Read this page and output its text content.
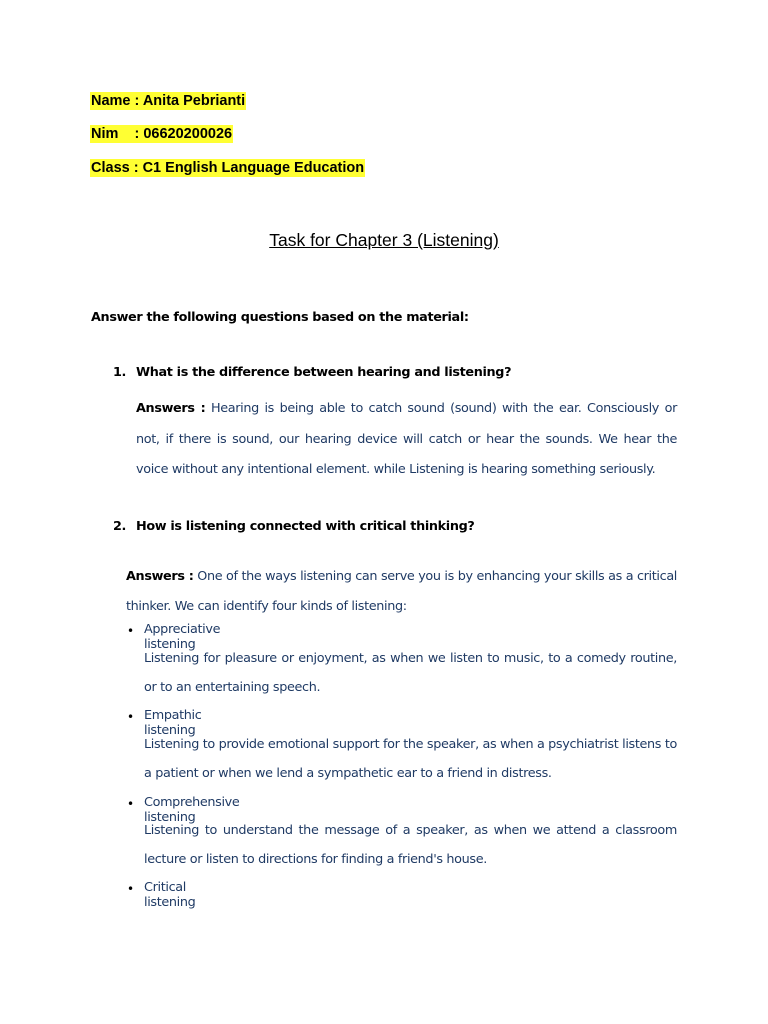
Name : Anita Pebrianti
Nim    : 06620200026
Class : C1 English Language Education
Task for Chapter 3 (Listening)
Answer the following questions based on the material:
1. What is the difference between hearing and listening?
Answers : Hearing is being able to catch sound (sound) with the ear. Consciously or not, if there is sound, our hearing device will catch or hear the sounds. We hear the voice without any intentional element. while Listening is hearing something seriously.
2. How is listening connected with critical thinking?
Answers : One of the ways listening can serve you is by enhancing your skills as a critical thinker. We can identify four kinds of listening:
• Appreciative listening
Listening for pleasure or enjoyment, as when we listen to music, to a comedy routine, or to an entertaining speech.
• Empathic listening
Listening to provide emotional support for the speaker, as when a psychiatrist listens to a patient or when we lend a sympathetic ear to a friend in distress.
• Comprehensive listening
Listening to understand the message of a speaker, as when we attend a classroom lecture or listen to directions for finding a friend's house.
• Critical listening
